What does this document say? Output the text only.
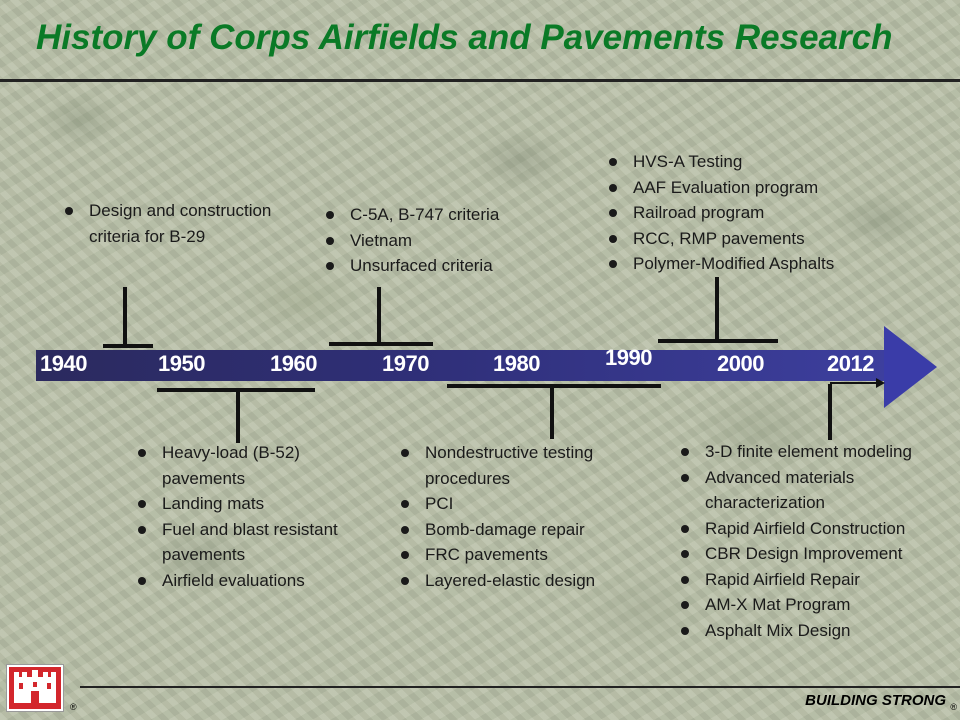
History of Corps Airfields and Pavements Research
1940	1950	1960	1970	1980	1990	2000	2012
Design and construction criteria for B-29
C-5A, B-747 criteria
Vietnam
Unsurfaced criteria
HVS-A Testing
AAF Evaluation program
Railroad program
RCC, RMP pavements
Polymer-Modified Asphalts
Heavy-load (B-52) pavements
Landing mats
Fuel and blast resistant pavements
Airfield evaluations
Nondestructive testing procedures
PCI
Bomb-damage repair
FRC pavements
Layered-elastic design
3-D finite element modeling
Advanced materials characterization
Rapid Airfield Construction
CBR Design Improvement
Rapid Airfield Repair
AM-X Mat Program
Asphalt Mix Design
®	BUILDING STRONG ®
